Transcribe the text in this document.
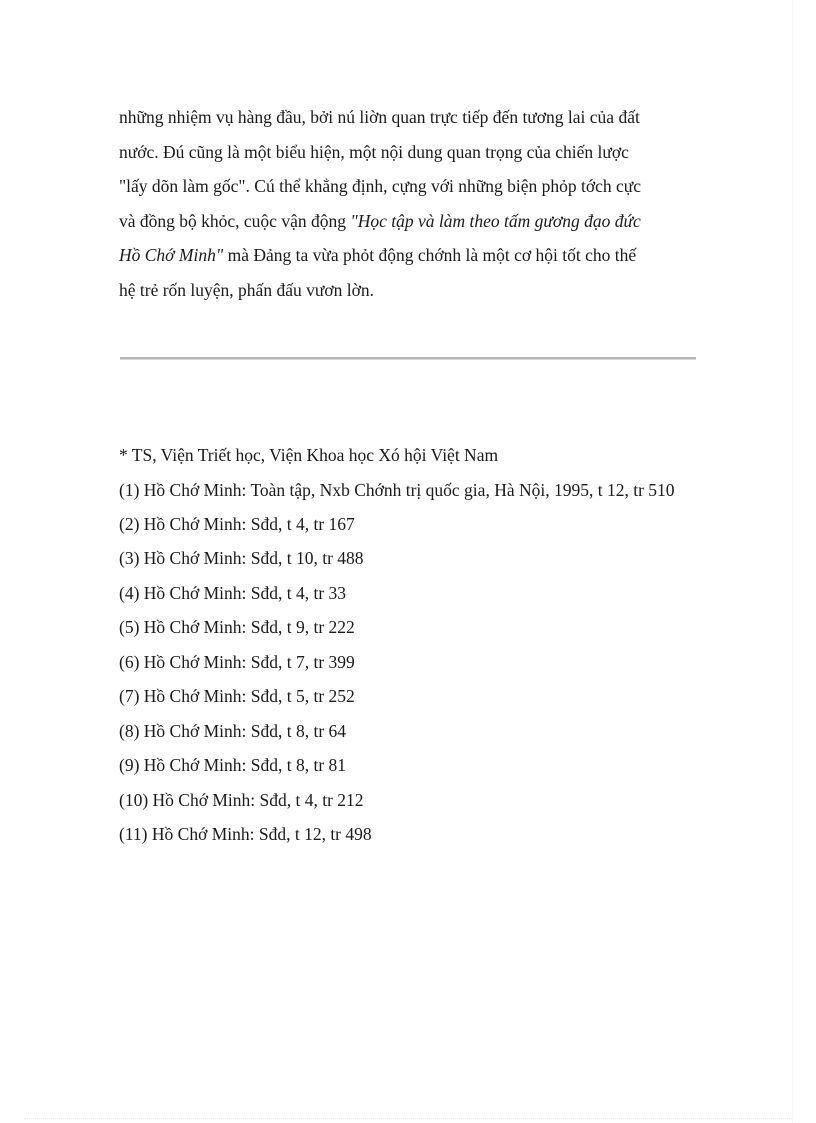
những nhiệm vụ hàng đầu, bởi nú liờn quan trực tiếp đến tương lai của đất
nước. Đú cũng là một biểu hiện, một nội dung quan trọng của chiến lược
"lấy dõn làm gốc". Cú thể khẳng định, cựng với những biện phỏp tớch cực
và đồng bộ khỏc, cuộc vận động "Học tập và làm theo tấm gương đạo đức
Hồ Chớ Minh" mà Đảng ta vừa phỏt động chớnh là một cơ hội tốt cho thế
hệ trẻ rốn luyện, phấn đấu vươn lờn.

* TS, Viện Triết học, Viện Khoa học Xó hội Việt Nam
(1) Hồ Chớ Minh: Toàn tập, Nxb Chớnh trị quốc gia, Hà Nội, 1995, t 12, tr 510
(2) Hồ Chớ Minh: Sđd, t 4, tr 167
(3) Hồ Chớ Minh: Sđd, t 10, tr 488
(4) Hồ Chớ Minh: Sđd, t 4, tr 33
(5) Hồ Chớ Minh: Sđd, t 9, tr 222
(6) Hồ Chớ Minh: Sđd, t 7, tr 399
(7) Hồ Chớ Minh: Sđd, t 5, tr 252
(8) Hồ Chớ Minh: Sđd, t 8, tr 64
(9) Hồ Chớ Minh: Sđd, t 8, tr 81
(10) Hồ Chớ Minh: Sđd, t 4, tr 212
(11) Hồ Chớ Minh: Sđd, t 12, tr 498
